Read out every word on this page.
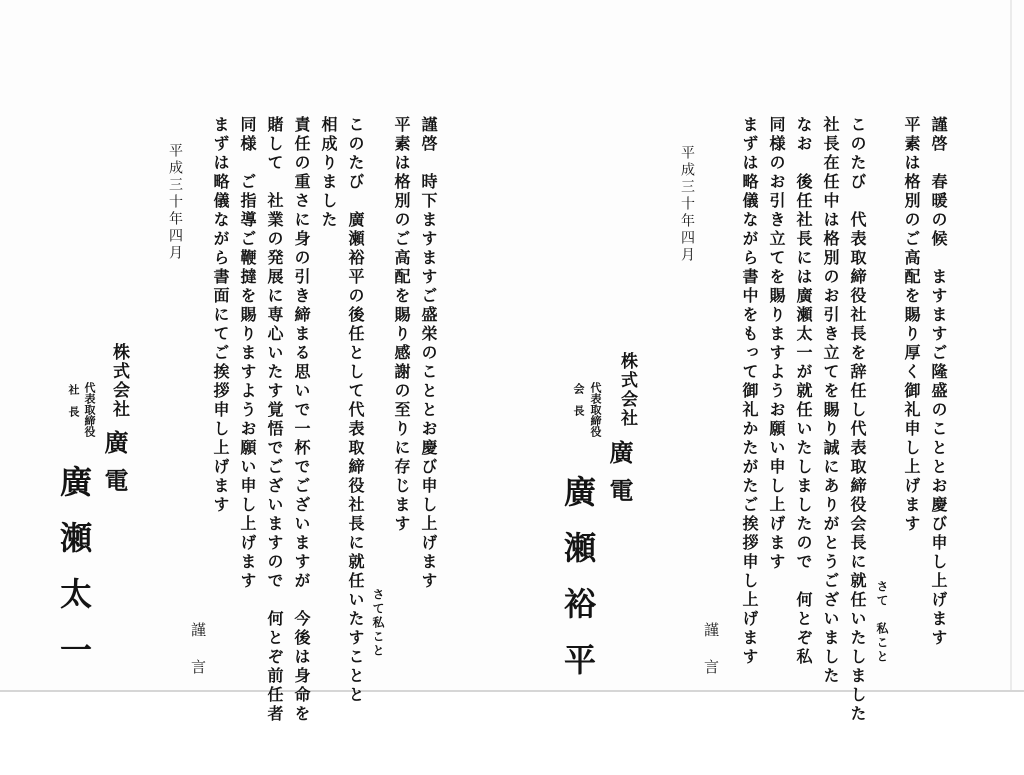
謹啓　春暖の候　ますますご隆盛のこととお慶び申し上げます
平素は格別のご高配を賜り厚く御礼申し上げます
さて　私こと
このたび　代表取締役社長を辞任し代表取締役会長に就任いたしました
社長在任中は格別のお引き立てを賜り誠にありがとうございました
なお　後任社長には廣瀬太一が就任いたしましたので　何とぞ私
同様のお引き立てを賜りますようお願い申し上げます
まずは略儀ながら書中をもって御礼かたがたご挨拶申し上げます
謹言
平成三十年四月
株式会社
代表取締役
会　長
廣電
廣瀬裕平
謹啓　時下ますますご盛栄のこととお慶び申し上げます
平素は格別のご高配を賜り感謝の至りに存じます
さて私こと
このたび　廣瀬裕平の後任として代表取締役社長に就任いたすことと
相成りました
責任の重さに身の引き締まる思いで一杯でございますが　今後は身命を
賭して　社業の発展に専心いたす覚悟でございますので　何とぞ前任者
同様　ご指導ご鞭撻を賜りますようお願い申し上げます
まずは略儀ながら書面にてご挨拶申し上げます
謹言
平成三十年四月
株式会社
代表取締役
社　長
廣電
廣瀬太一
